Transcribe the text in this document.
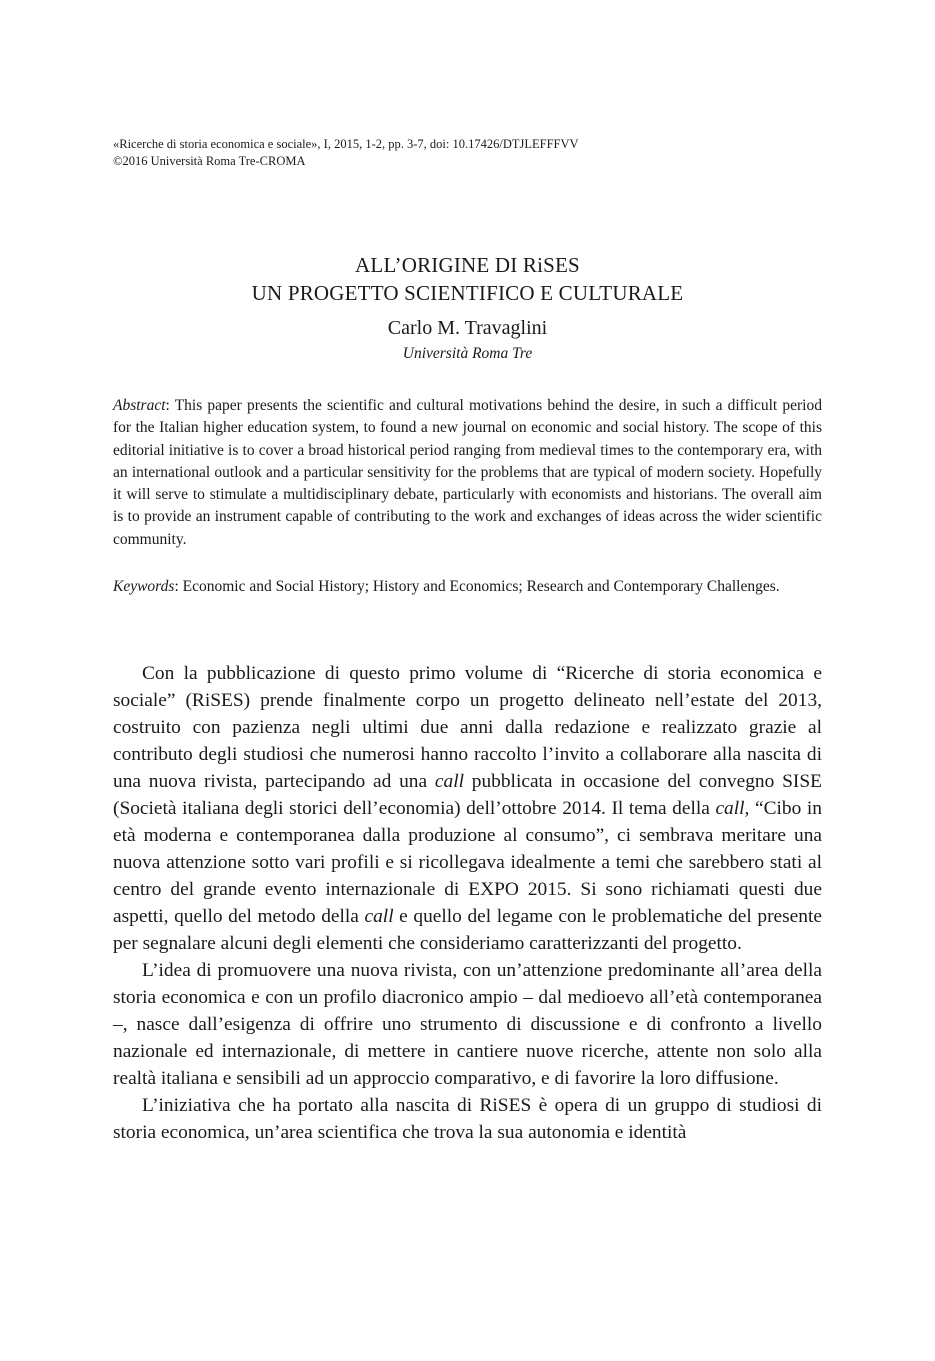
«Ricerche di storia economica e sociale», I, 2015, 1-2, pp. 3-7, doi: 10.17426/DTJLEFFFVV
©2016 Università Roma Tre-CROMA
ALL’ORIGINE DI RiSES
UN PROGETTO SCIENTIFICO E CULTURALE
Carlo M. Travaglini
Università Roma Tre

Abstract: This paper presents the scientific and cultural motivations behind the desire, in such a difficult period for the Italian higher education system, to found a new journal on economic and social history. The scope of this editorial initiative is to cover a broad historical period ranging from medieval times to the contemporary era, with an international outlook and a particular sensitivity for the problems that are typical of modern society. Hopefully it will serve to stimulate a multidisciplinary debate, particularly with economists and historians. The overall aim is to provide an instrument capable of contributing to the work and exchanges of ideas across the wider scientific community.

Keywords: Economic and Social History; History and Economics; Research and Contemporary Challenges.

Con la pubblicazione di questo primo volume di “Ricerche di storia economica e sociale” (RiSES) prende finalmente corpo un progetto delineato nell’estate del 2013, costruito con pazienza negli ultimi due anni dalla redazione e realizzato grazie al contributo degli studiosi che numerosi hanno raccolto l’invito a collaborare alla nascita di una nuova rivista, partecipando ad una call pubblicata in occasione del convegno SISE (Società italiana degli storici dell’economia) dell’ottobre 2014. Il tema della call, “Cibo in età moderna e contemporanea dalla produzione al consumo”, ci sembrava meritare una nuova attenzione sotto vari profili e si ricollegava idealmente a temi che sarebbero stati al centro del grande evento internazionale di EXPO 2015. Si sono richiamati questi due aspetti, quello del metodo della call e quello del legame con le problematiche del presente per segnalare alcuni degli elementi che consideriamo caratterizzanti del progetto.

L’idea di promuovere una nuova rivista, con un’attenzione predominante all’area della storia economica e con un profilo diacronico ampio – dal medioevo all’età contemporanea –, nasce dall’esigenza di offrire uno strumento di discussione e di confronto a livello nazionale ed internazionale, di mettere in cantiere nuove ricerche, attente non solo alla realtà italiana e sensibili ad un approccio comparativo, e di favorire la loro diffusione.

L’iniziativa che ha portato alla nascita di RiSES è opera di un gruppo di studiosi di storia economica, un’area scientifica che trova la sua autonomia e identità
